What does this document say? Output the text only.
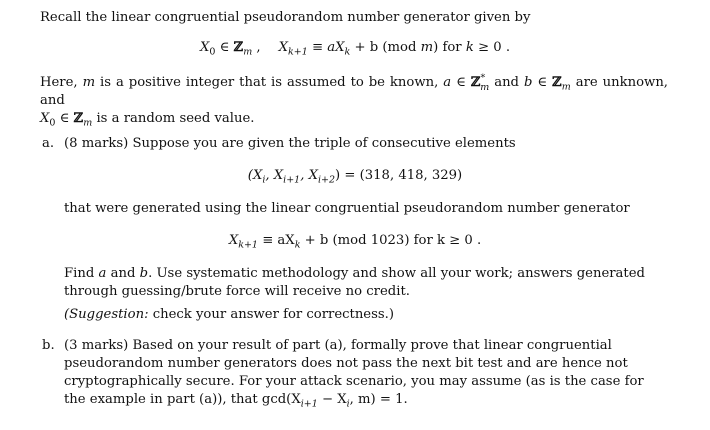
Recall the linear congruential pseudorandom number generator given by

$X_0$ ∈ ℤ$_m$ , $X_{k+1} \equiv aX_k + b$ (mod m) for k ≥ 0 .

Here, m is a positive integer that is assumed to be known, a ∈ ℤ*$_m$ and b ∈ ℤ$_m$ are unknown, and
$X_0$ ∈ ℤ$_m$ is a random seed value.

a. (8 marks) Suppose you are given the triple of consecutive elements

($X_i$, $X_{i+1}$, $X_{i+2}) = (318$, 418, 329)

that were generated using the linear congruential pseudorandom number generator

$X_{k+1} \equiv aX_k + b$ (mod 1023) for k ≥ 0 .

Find a and b. Use systematic methodology and show all your work; answers generated through guessing/brute force will receive no credit.

(Suggestion: check your answer for correctness.)

b. (3 marks) Based on your result of part (a), formally prove that linear congruential pseudorandom number generators does not pass the next bit test and are hence not cryptographically secure. For your attack scenario, you may assume (as is the case for the example in part (a)), that $\gcd(X_{i+1} - X_i$, m) = 1.
